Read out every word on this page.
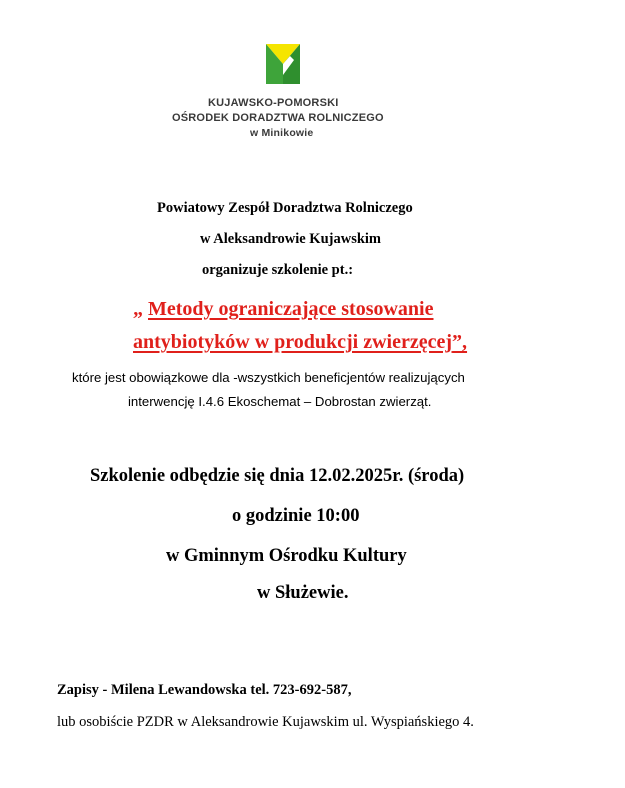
KUJAWSKO-POMORSKI
OŚRODEK DORADZTWA ROLNICZEGO
w Minikowie
Powiatowy Zespół Doradztwa Rolniczego
w Aleksandrowie Kujawskim
organizuje szkolenie pt.:
„ Metody ograniczające stosowanie
antybiotyków w produkcji zwierzęcej”,
które jest obowiązkowe dla -wszystkich beneficjentów realizujących
interwencję I.4.6 Ekoschemat – Dobrostan zwierząt.
Szkolenie odbędzie się dnia 12.02.2025r. (środa)
o godzinie 10:00
w Gminnym Ośrodku Kultury
w Służewie.
Zapisy - Milena Lewandowska tel. 723-692-587,
lub osobiście PZDR w Aleksandrowie Kujawskim ul. Wyspiańskiego 4.
